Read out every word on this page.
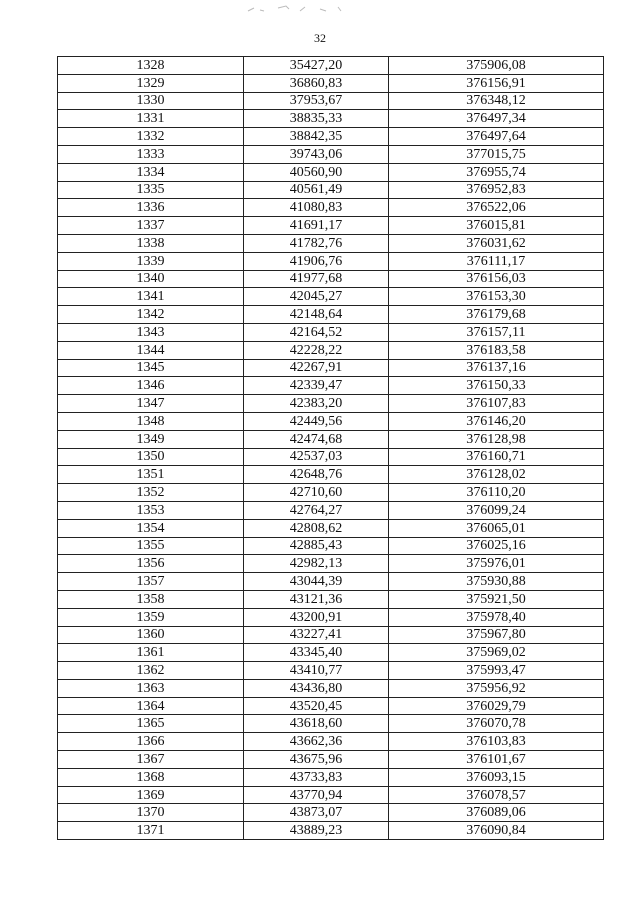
32
1328	35427,20	375906,08
1329	36860,83	376156,91
1330	37953,67	376348,12
1331	38835,33	376497,34
1332	38842,35	376497,64
1333	39743,06	377015,75
1334	40560,90	376955,74
1335	40561,49	376952,83
1336	41080,83	376522,06
1337	41691,17	376015,81
1338	41782,76	376031,62
1339	41906,76	376111,17
1340	41977,68	376156,03
1341	42045,27	376153,30
1342	42148,64	376179,68
1343	42164,52	376157,11
1344	42228,22	376183,58
1345	42267,91	376137,16
1346	42339,47	376150,33
1347	42383,20	376107,83
1348	42449,56	376146,20
1349	42474,68	376128,98
1350	42537,03	376160,71
1351	42648,76	376128,02
1352	42710,60	376110,20
1353	42764,27	376099,24
1354	42808,62	376065,01
1355	42885,43	376025,16
1356	42982,13	375976,01
1357	43044,39	375930,88
1358	43121,36	375921,50
1359	43200,91	375978,40
1360	43227,41	375967,80
1361	43345,40	375969,02
1362	43410,77	375993,47
1363	43436,80	375956,92
1364	43520,45	376029,79
1365	43618,60	376070,78
1366	43662,36	376103,83
1367	43675,96	376101,67
1368	43733,83	376093,15
1369	43770,94	376078,57
1370	43873,07	376089,06
1371	43889,23	376090,84
